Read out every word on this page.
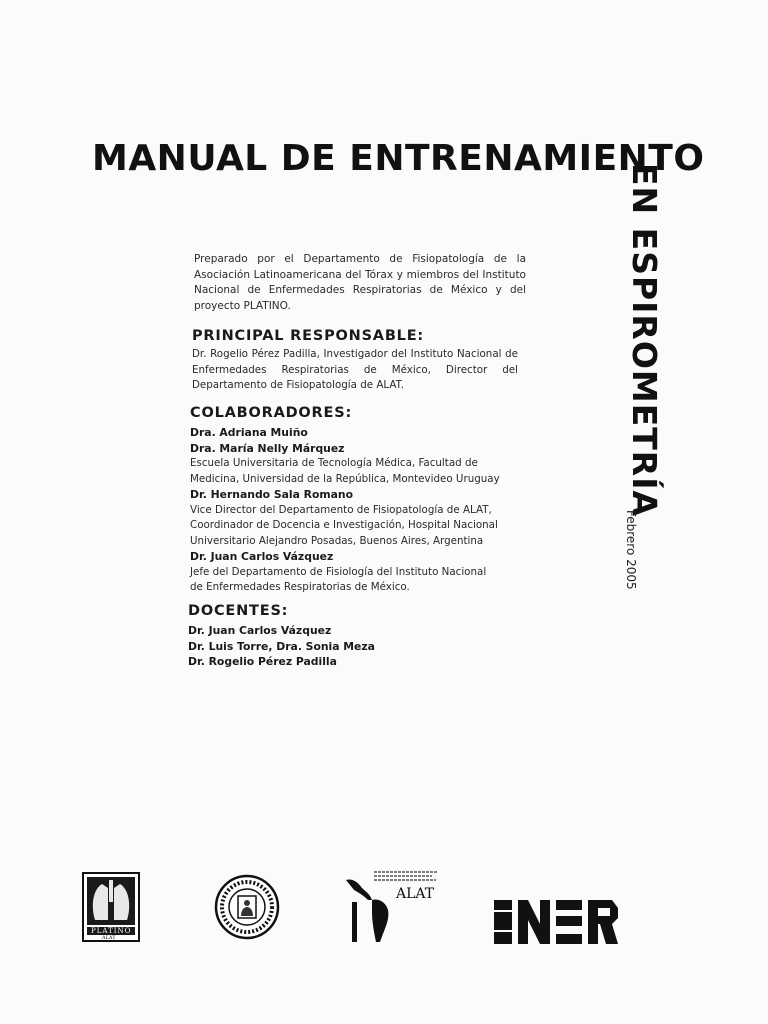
MANUAL DE ENTRENAMIENTO
EN ESPIROMETRÍA
Febrero 2005
Preparado por el Departamento de Fisiopatología de la Asociación Latinoamericana del Tórax y miembros del Instituto Nacional de Enfermedades Respiratorias de México y del proyecto PLATINO.
PRINCIPAL RESPONSABLE:
Dr. Rogelio Pérez Padilla, Investigador del Instituto Nacional de Enfermedades Respiratorias de México, Director del Departamento de Fisiopatología de ALAT.
COLABORADORES:
Dra. Adriana Muiño
Dra. María Nelly Márquez
Escuela Universitaria de Tecnología Médica, Facultad de
Medicina, Universidad de la República, Montevideo Uruguay
Dr. Hernando Sala Romano
Vice Director del Departamento de Fisiopatología de ALAT,
Coordinador de Docencia e Investigación, Hospital Nacional
Universitario Alejandro Posadas, Buenos Aires, Argentina
Dr. Juan Carlos Vázquez
Jefe del Departamento de Fisiología del Instituto Nacional
de Enfermedades Respiratorias de México.
DOCENTES:
Dr. Juan Carlos Vázquez
Dr. Luis Torre, Dra. Sonia Meza
Dr. Rogelio Pérez Padilla
PLATINO
ALAT
ALAT
